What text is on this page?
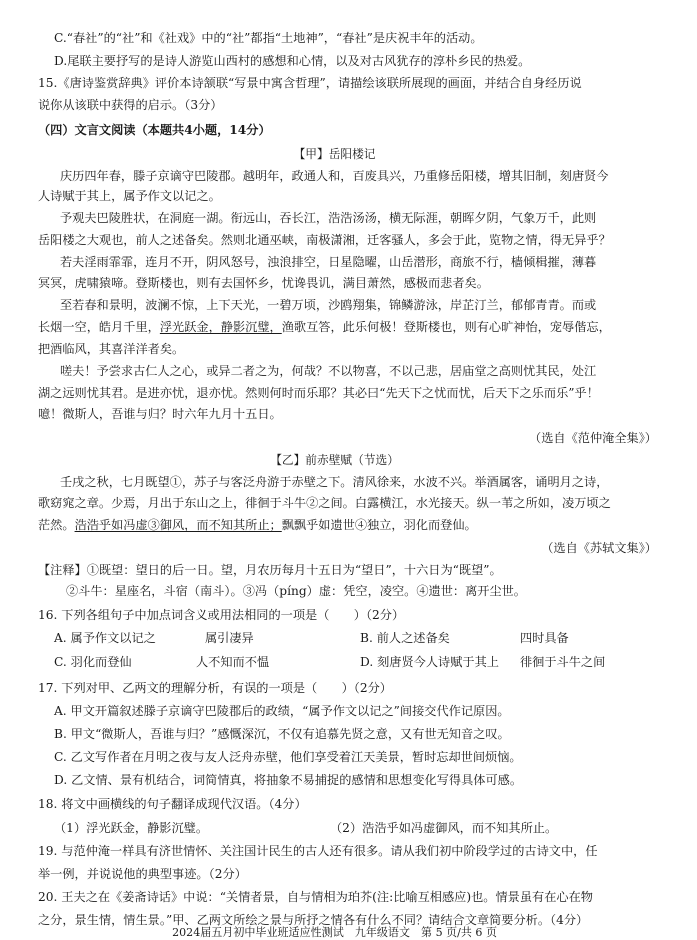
C.“春社”的“社”和《社戏》中的“社”都指“土地神”，“春社”是庆祝丰年的活动。
D.尾联主要抒写的是诗人游览山西村的感想和心情，以及对古风犹存的淳朴乡民的热爱。
15.《唐诗鉴赏辞典》评价本诗颔联“写景中寓含哲理”，请描绘该联所展现的画面，并结合自身经历说
说你从该联中获得的启示。（3分）
（四）文言文阅读（本题共4小题，14分）
【甲】岳阳楼记
庆历四年春，滕子京谪守巴陵郡。越明年，政通人和，百废具兴，乃重修岳阳楼，增其旧制，刻唐贤今
人诗赋于其上，属予作文以记之。
予观夫巴陵胜状，在洞庭一湖。衔远山，吞长江，浩浩汤汤，横无际涯，朝晖夕阴，气象万千，此则
岳阳楼之大观也，前人之述备矣。然则北通巫峡，南极潇湘，迁客骚人，多会于此，览物之情，得无异乎？
若夫淫雨霏霏，连月不开，阴风怒号，浊浪排空，日星隐曜，山岳潜形，商旅不行，樯倾楫摧，薄暮
冥冥，虎啸猿啼。登斯楼也，则有去国怀乡，忧谗畏讥，满目萧然，感极而悲者矣。
至若春和景明，波澜不惊，上下天光，一碧万顷，沙鸥翔集，锦鳞游泳，岸芷汀兰，郁郁青青。而或
长烟一空，皓月千里，浮光跃金，静影沉璧，渔歌互答，此乐何极！登斯楼也，则有心旷神怡，宠辱偕忘，
把酒临风，其喜洋洋者矣。
嗟夫！予尝求古仁人之心，或异二者之为，何哉？不以物喜，不以己悲，居庙堂之高则忧其民，处江
湖之远则忧其君。是进亦忧，退亦忧。然则何时而乐耶？其必曰“先天下之忧而忧，后天下之乐而乐”乎！
噫！微斯人，吾谁与归？时六年九月十五日。
（选自《范仲淹全集》）
【乙】前赤壁赋（节选）
壬戌之秋，七月既望①，苏子与客泛舟游于赤壁之下。清风徐来，水波不兴。举酒属客，诵明月之诗，
歌窈窕之章。少焉，月出于东山之上，徘徊于斗牛②之间。白露横江，水光接天。纵一苇之所如，凌万顷之
茫然。浩浩乎如冯虚③御风，而不知其所止；飘飘乎如遗世④独立，羽化而登仙。
（选自《苏轼文集》）
【注释】①既望：望日的后一日。望，月农历每月十五日为“望日”，十六日为“既望”。
②斗牛：星座名，斗宿（南斗）。③冯（píng）虚：凭空，凌空。④遗世：离开尘世。
16. 下列各组句子中加点词含义或用法相同的一项是（　　）（2分）
A. 属予作文以记之	属引凄异	B. 前人之述备矣	四时具备
C. 羽化而登仙	人不知而不愠	D. 刻唐贤今人诗赋于其上 徘徊于斗牛之间
17. 下列对甲、乙两文的理解分析，有误的一项是（　　）（2分）
A. 甲文开篇叙述滕子京谪守巴陵郡后的政绩，“属予作文以记之”间接交代作记原因。
B. 甲文“微斯人，吾谁与归？”感慨深沉，不仅有追慕先贤之意，又有世无知音之叹。
C. 乙文写作者在月明之夜与友人泛舟赤壁，他们享受着江天美景，暂时忘却世间烦恼。
D. 乙文情、景有机结合，词简情真，将抽象不易捕捉的感情和思想变化写得具体可感。
18. 将文中画横线的句子翻译成现代汉语。（4分）
（1）浮光跃金，静影沉璧。	（2）浩浩乎如冯虚御风，而不知其所止。
19. 与范仲淹一样具有济世情怀、关注国计民生的古人还有很多。请从我们初中阶段学过的古诗文中，任
举一例，并说说他的典型事迹。（2分）
20. 王夫之在《姜斋诗话》中说：“关情者景，自与情相为珀芥(注:比喻互相感应)也。情景虽有在心在物
之分，景生情，情生景。”甲、乙两文所绘之景与所抒之情各有什么不同？请结合文章简要分析。（4分）
2024届五月初中毕业班适应性测试　九年级语文　第 5 页/共 6 页
